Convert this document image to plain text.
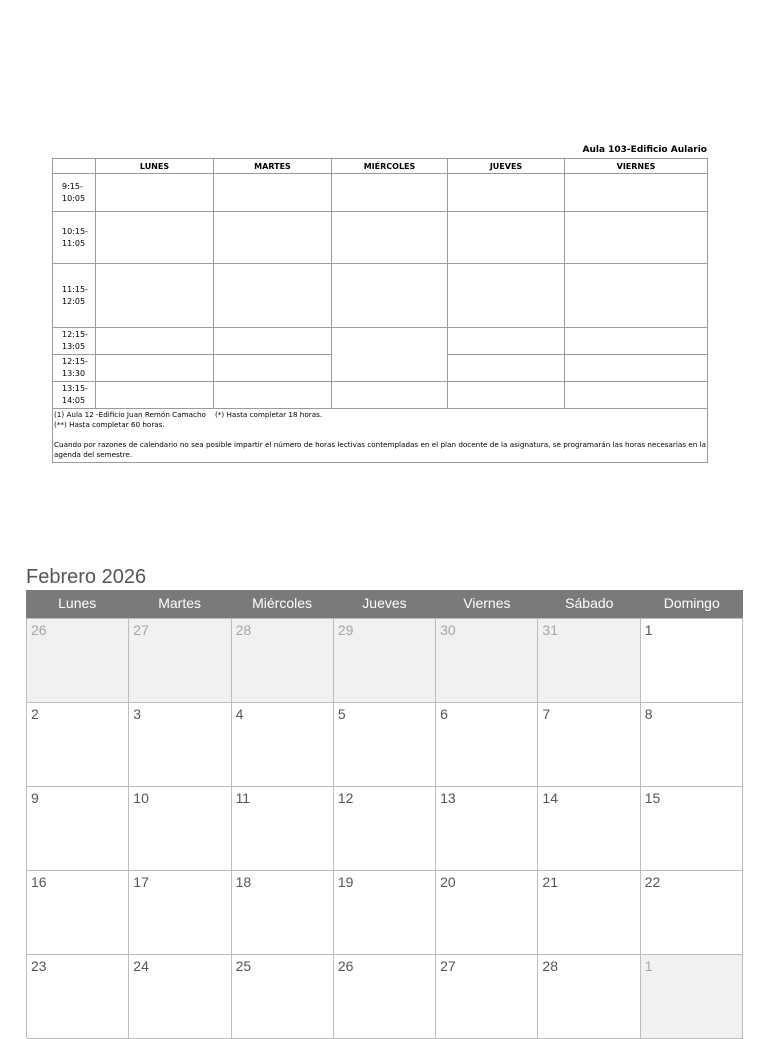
Aula 103-Edificio Aulario
	LUNES	MARTES	MIÉRCOLES	JUEVES	VIERNES
9:15-
10:05					
10:15-
11:05					
11:15-
12:05					
12:15-
13:05					
12:15-
13:30					
13:15-
14:05					

(1) Aula 12 -Edificio Juan Remón Camacho    (*) Hasta completar 18 horas.
(**) Hasta completar 60 horas.
Cuando por razones de calendario no sea posible impartir el número de horas lectivas contempladas en el plan docente de la asignatura, se programarán las horas necesarias en la agenda del semestre.					
Febrero 2026
Lunes	Martes	Miércoles	Jueves	Viernes	Sábado	Domingo
26	27	28	29	30	31	1
2	3	4	5	6	7	8
9	10	11	12	13	14	15
16	17	18	19	20	21	22
23	24	25	26	27	28	1
